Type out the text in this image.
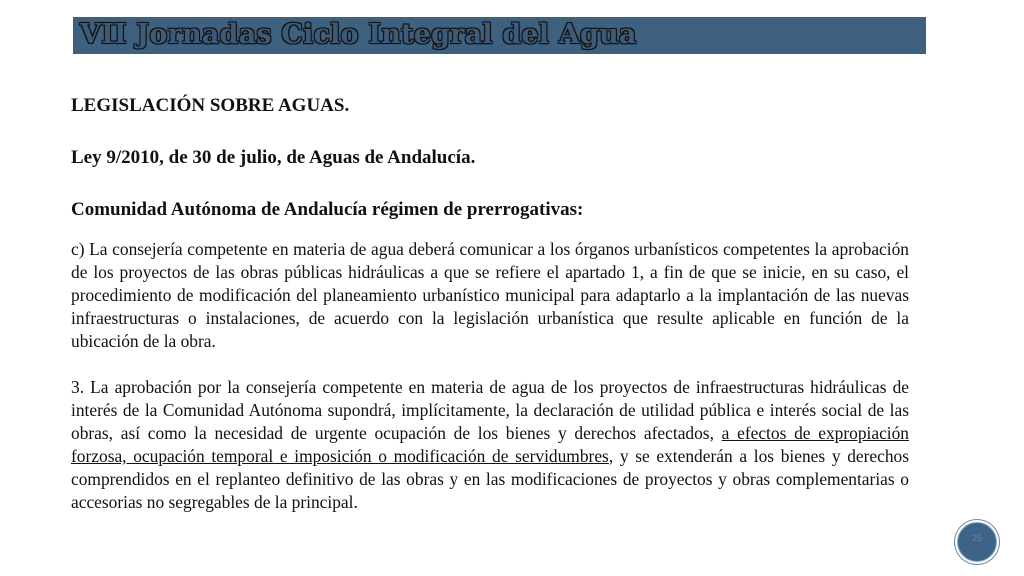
VII Jornadas Ciclo Integral del Agua

LEGISLACIÓN SOBRE AGUAS.

Ley 9/2010, de 30 de julio, de Aguas de Andalucía.

Comunidad Autónoma de Andalucía régimen de prerrogativas:

c) La consejería competente en materia de agua deberá comunicar a los órganos urbanísticos competentes la aprobación de los proyectos de las obras públicas hidráulicas a que se refiere el apartado 1, a fin de que se inicie, en su caso, el procedimiento de modificación del planeamiento urbanístico municipal para adaptarlo a la implantación de las nuevas infraestructuras o instalaciones, de acuerdo con la legislación urbanística que resulte aplicable en función de la ubicación de la obra.

3. La aprobación por la consejería competente en materia de agua de los proyectos de infraestructuras hidráulicas de interés de la Comunidad Autónoma supondrá, implícitamente, la declaración de utilidad pública e interés social de las obras, así como la necesidad de urgente ocupación de los bienes y derechos afectados, a efectos de expropiación forzosa, ocupación temporal e imposición o modificación de servidumbres, y se extenderán a los bienes y derechos comprendidos en el replanteo definitivo de las obras y en las modificaciones de proyectos y obras complementarias o accesorias no segregables de la principal.

25
